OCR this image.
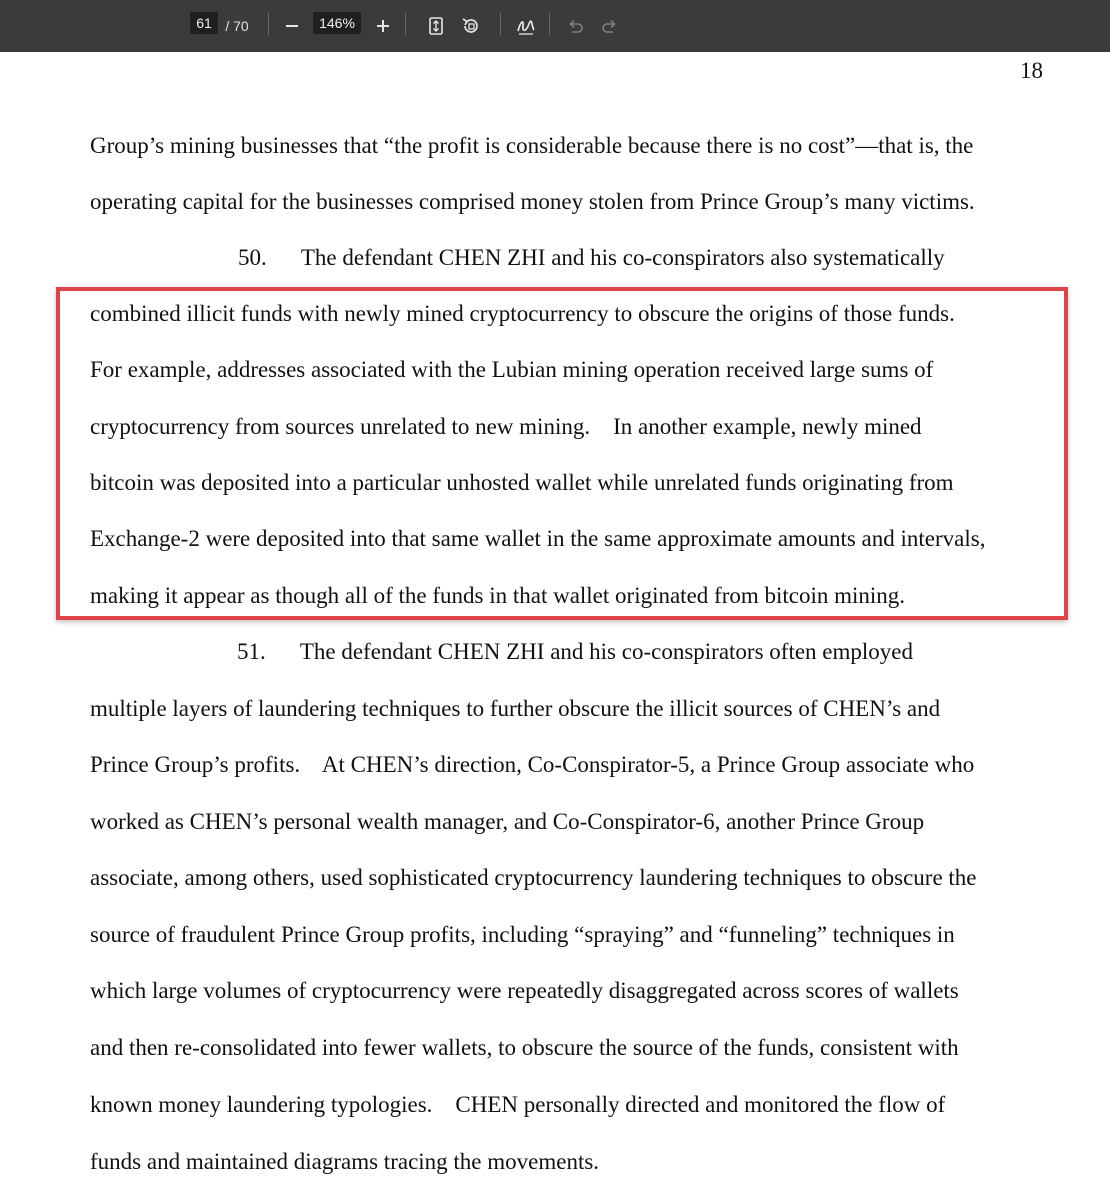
61 / 70	146%
18
Group’s mining businesses that “the profit is considerable because there is no cost”—that is, the
operating capital for the businesses comprised money stolen from Prince Group’s many victims.
50.      The defendant CHEN ZHI and his co-conspirators also systematically
combined illicit funds with newly mined cryptocurrency to obscure the origins of those funds.
For example, addresses associated with the Lubian mining operation received large sums of
cryptocurrency from sources unrelated to new mining.    In another example, newly mined
bitcoin was deposited into a particular unhosted wallet while unrelated funds originating from
Exchange-2 were deposited into that same wallet in the same approximate amounts and intervals,
making it appear as though all of the funds in that wallet originated from bitcoin mining.
51.      The defendant CHEN ZHI and his co-conspirators often employed
multiple layers of laundering techniques to further obscure the illicit sources of CHEN’s and
Prince Group’s profits.    At CHEN’s direction, Co-Conspirator-5, a Prince Group associate who
worked as CHEN’s personal wealth manager, and Co-Conspirator-6, another Prince Group
associate, among others, used sophisticated cryptocurrency laundering techniques to obscure the
source of fraudulent Prince Group profits, including “spraying” and “funneling” techniques in
which large volumes of cryptocurrency were repeatedly disaggregated across scores of wallets
and then re-consolidated into fewer wallets, to obscure the source of the funds, consistent with
known money laundering typologies.    CHEN personally directed and monitored the flow of
funds and maintained diagrams tracing the movements.
